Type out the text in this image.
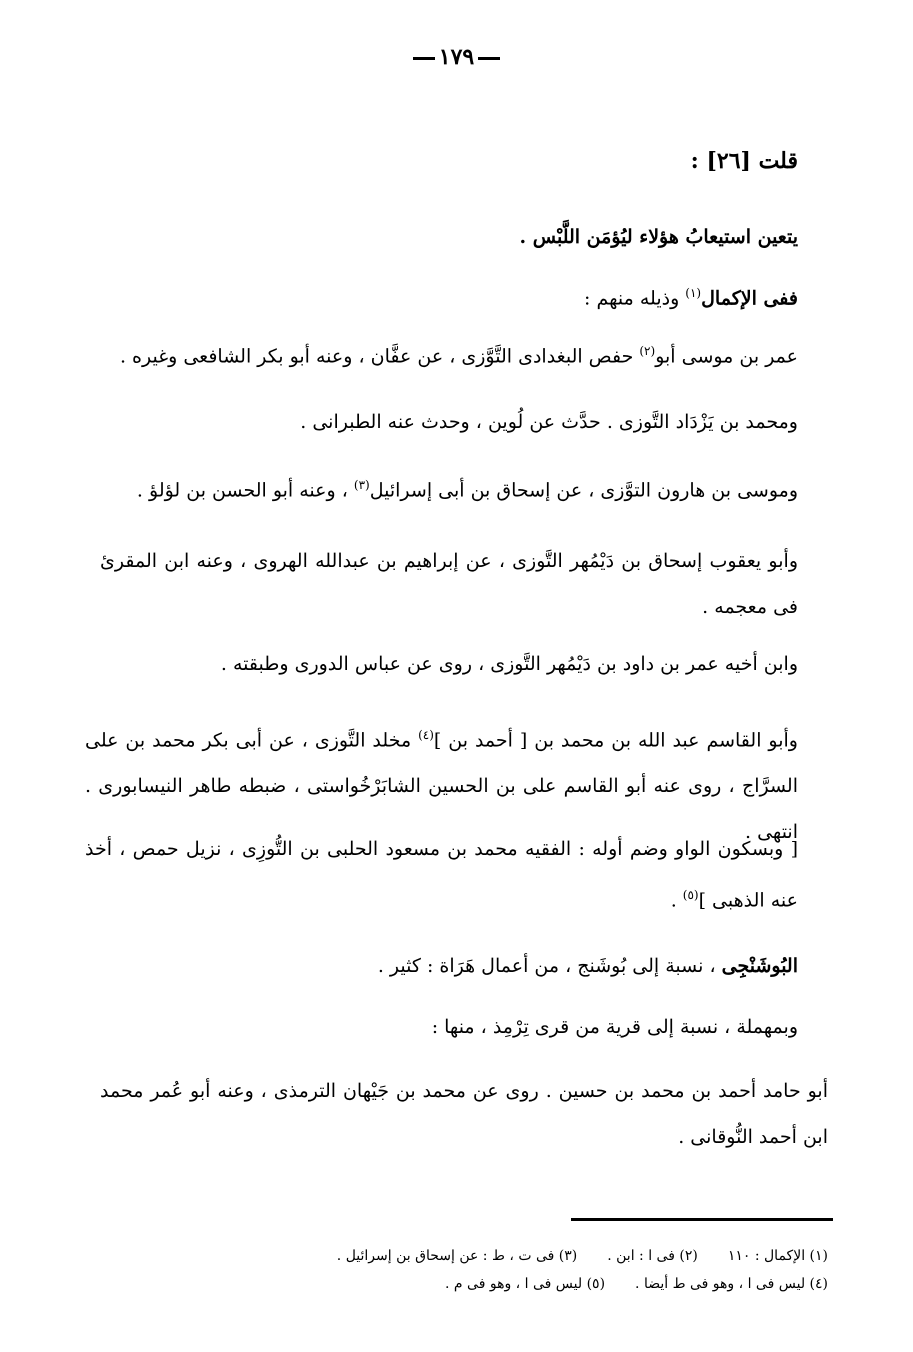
١٧٩
قلت [٢٦] :
يتعين استيعابُ هؤلاء ليُؤمَن اللَّبْس .
ففى الإكمال$^{(١)}$ وذيله منهم :
عمر بن موسى أبو$^{(٢)}$ حفص البغدادى التَّوَّزى ، عن عفَّان ، وعنه أبو بكر الشافعى وغيره .
ومحمد بن يَزْدَاد التَّوزى . حدَّث عن لُوين ، وحدث عنه الطبرانى .
وموسى بن هارون التوَّزى ، عن إسحاق بن أبى إسرائيل$^{(٣)}$ ، وعنه أبو الحسن بن لؤلؤ .
وأبو يعقوب إسحاق بن دَيْمُهر التَّوزى ، عن إبراهيم بن عبدالله الهروى ، وعنه ابن المقرئ فى معجمه .
وابن أخيه عمر بن داود بن دَيْمُهر التَّوزى ، روى عن عباس الدورى وطبقته .
وأبو القاسم عبد الله بن محمد بن [ أحمد بن ]$^{(٤)}$ مخلد التَّوزى ، عن أبى بكر محمد بن على السرَّاج ، روى عنه أبو القاسم على بن الحسين الشابَرْخُواستى ، ضبطه طاهر النيسابورى . انتهى .
[ وبسكون الواو وضم أوله : الفقيه محمد بن مسعود الحلبى بن التُّوزِى ، نزيل حمص ، أخذ عنه الذهبى ]$^{(٥)}$ .
البُوشَنْجِى ، نسبة إلى بُوشَنج ، من أعمال هَرَاة : كثير .
وبمهملة ، نسبة إلى قرية من قرى تِرْمِذ ، منها :
أبو حامد أحمد بن محمد بن حسين . روى عن محمد بن جَيْهان الترمذى ، وعنه أبو عُمر محمد ابن أحمد النُّوقانى .
(١) الإكمال : ١١٠
(٢) فى ا : ابن .
(٣) فى ت ، ط : عن إسحاق بن إسرائيل .
(٤) ليس فى ا ، وهو فى ط أيضا .
(٥) ليس فى ا ، وهو فى م .
